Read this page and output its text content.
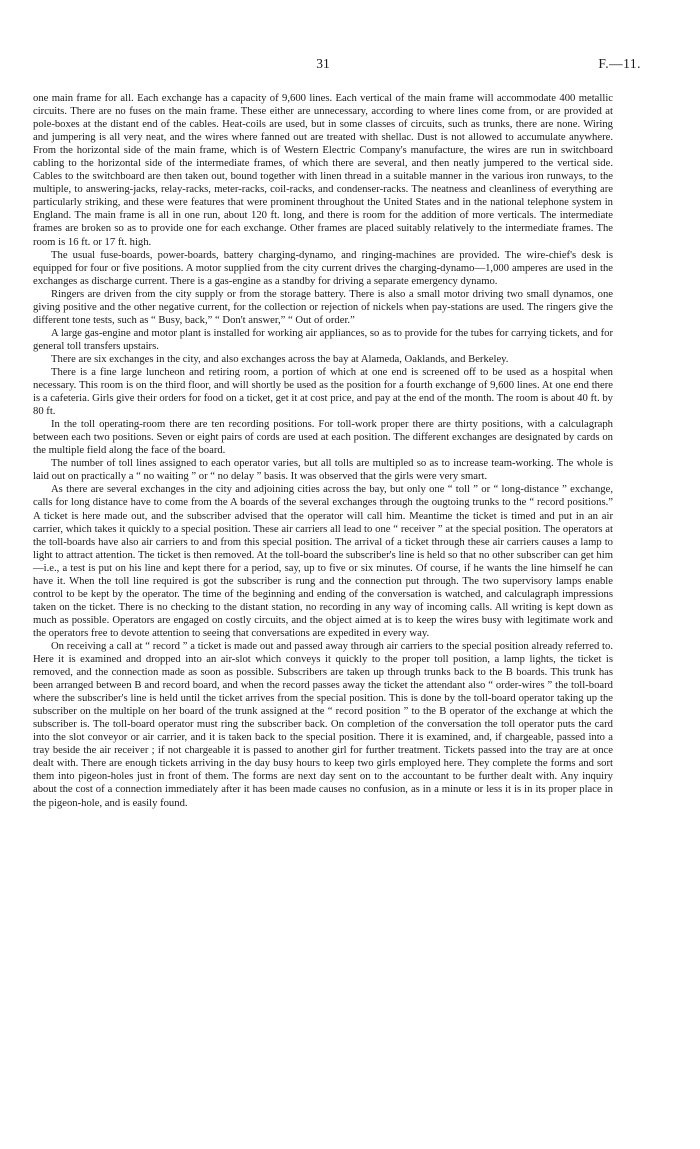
31	F.—11.

one main frame for all. Each exchange has a capacity of 9,600 lines. Each vertical of the main frame will accommodate 400 metallic circuits. There are no fuses on the main frame. These either are unnecessary, according to where lines come from, or are provided at pole-boxes at the distant end of the cables. Heat-coils are used, but in some classes of circuits, such as trunks, there are none. Wiring and jumpering is all very neat, and the wires where fanned out are treated with shellac. Dust is not allowed to accumulate anywhere. From the horizontal side of the main frame, which is of Western Electric Company's manufacture, the wires are run in switchboard cabling to the horizontal side of the intermediate frames, of which there are several, and then neatly jumpered to the vertical side. Cables to the switchboard are then taken out, bound together with linen thread in a suitable manner in the various iron runways, to the multiple, to answering-jacks, relay-racks, meter-racks, coil-racks, and condenser-racks. The neatness and cleanliness of everything are particularly striking, and these were features that were prominent throughout the United States and in the national telephone system in England. The main frame is all in one run, about 120 ft. long, and there is room for the addition of more verticals. The intermediate frames are broken so as to provide one for each exchange. Other frames are placed suitably relatively to the intermediate frames. The room is 16 ft. or 17 ft. high.

The usual fuse-boards, power-boards, battery charging-dynamo, and ringing-machines are provided. The wire-chief's desk is equipped for four or five positions. A motor supplied from the city current drives the charging-dynamo—1,000 amperes are used in the exchanges as discharge current. There is a gas-engine as a standby for driving a separate emergency dynamo.

Ringers are driven from the city supply or from the storage battery. There is also a small motor driving two small dynamos, one giving positive and the other negative current, for the collection or rejection of nickels when pay-stations are used. The ringers give the different tone tests, such as “ Busy, back,” “ Don't answer,” “ Out of order.”

A large gas-engine and motor plant is installed for working air appliances, so as to provide for the tubes for carrying tickets, and for general toll transfers upstairs.

There are six exchanges in the city, and also exchanges across the bay at Alameda, Oaklands, and Berkeley.

There is a fine large luncheon and retiring room, a portion of which at one end is screened off to be used as a hospital when necessary. This room is on the third floor, and will shortly be used as the position for a fourth exchange of 9,600 lines. At one end there is a cafeteria. Girls give their orders for food on a ticket, get it at cost price, and pay at the end of the month. The room is about 40 ft. by 80 ft.

In the toll operating-room there are ten recording positions. For toll-work proper there are thirty positions, with a calculagraph between each two positions. Seven or eight pairs of cords are used at each position. The different exchanges are designated by cards on the multiple field along the face of the board.

The number of toll lines assigned to each operator varies, but all tolls are multipled so as to increase team-working. The whole is laid out on practically a “ no waiting ” or “ no delay ” basis. It was observed that the girls were very smart.

As there are several exchanges in the city and adjoining cities across the bay, but only one “ toll ” or “ long-distance ” exchange, calls for long distance have to come from the A boards of the several exchanges through the ougtoing trunks to the “ record positions.” A ticket is here made out, and the subscriber advised that the operator will call him. Meantime the ticket is timed and put in an air carrier, which takes it quickly to a special position. These air carriers all lead to one “ receiver ” at the special position. The operators at the toll-boards have also air carriers to and from this special position. The arrival of a ticket through these air carriers causes a lamp to light to attract attention. The ticket is then removed. At the toll-board the subscriber's line is held so that no other subscriber can get him—i.e., a test is put on his line and kept there for a period, say, up to five or six minutes. Of course, if he wants the line himself he can have it. When the toll line required is got the subscriber is rung and the connection put through. The two supervisory lamps enable control to be kept by the operator. The time of the beginning and ending of the conversation is watched, and calculagraph impressions taken on the ticket. There is no checking to the distant station, no recording in any way of incoming calls. All writing is kept down as much as possible. Operators are engaged on costly circuits, and the object aimed at is to keep the wires busy with legitimate work and the operators free to devote attention to seeing that conversations are expedited in every way.

On receiving a call at “ record ” a ticket is made out and passed away through air carriers to the special position already referred to. Here it is examined and dropped into an air-slot which conveys it quickly to the proper toll position, a lamp lights, the ticket is removed, and the connection made as soon as possible. Subscribers are taken up through trunks back to the B boards. This trunk has been arranged between B and record board, and when the record passes away the ticket the attendant also “ order-wires ” the toll-board where the subscriber's line is held until the ticket arrives from the special position. This is done by the toll-board operator taking up the subscriber on the multiple on her board of the trunk assigned at the “ record position ” to the B operator of the exchange at which the subscriber is. The toll-board operator must ring the subscriber back. On completion of the conversation the toll operator puts the card into the slot conveyor or air carrier, and it is taken back to the special position. There it is examined, and, if chargeable, passed into a tray beside the air receiver ; if not chargeable it is passed to another girl for further treatment. Tickets passed into the tray are at once dealt with. There are enough tickets arriving in the day busy hours to keep two girls employed here. They complete the forms and sort them into pigeon-holes just in front of them. The forms are next day sent on to the accountant to be further dealt with. Any inquiry about the cost of a connection immediately after it has been made causes no confusion, as in a minute or less it is in its proper place in the pigeon-hole, and is easily found.
